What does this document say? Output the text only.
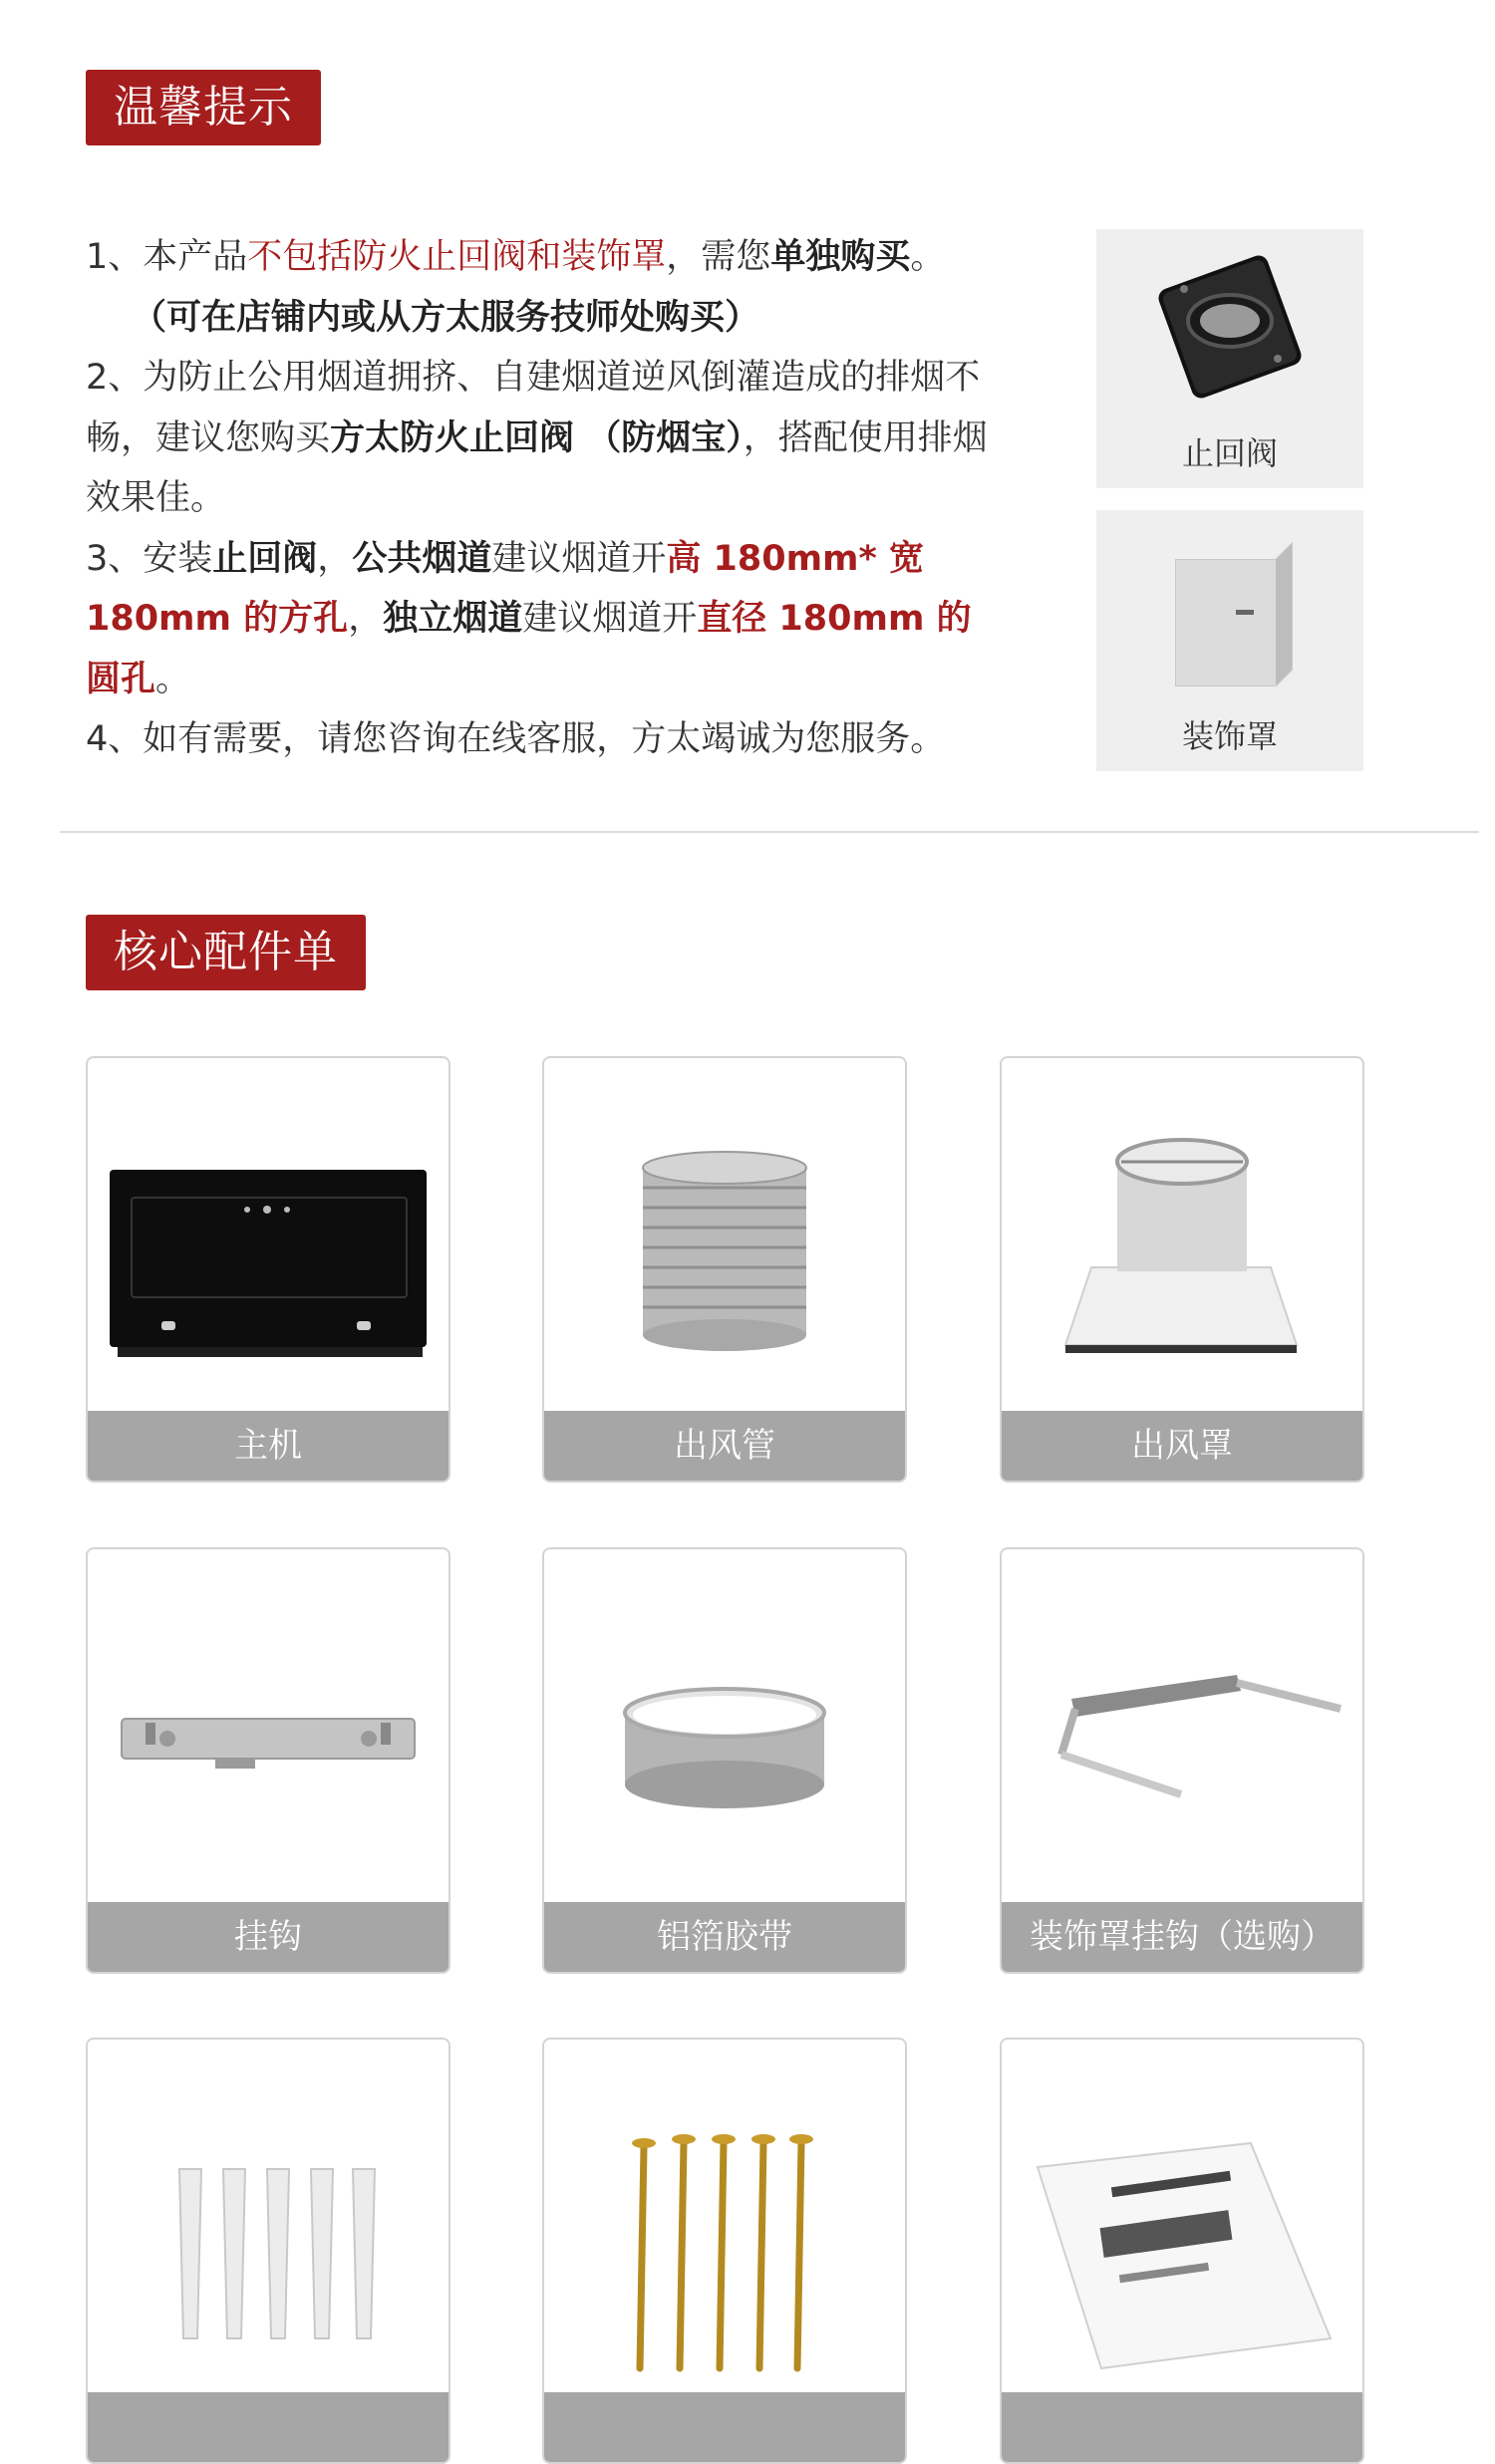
温馨提示

1、本产品不包括防火止回阀和装饰罩，需您单独购买。

（可在店铺内或从方太服务技师处购买）

2、为防止公用烟道拥挤、自建烟道逆风倒灌造成的排烟不畅，建议您购买方太防火止回阀 （防烟宝），搭配使用排烟效果佳。

3、安装止回阀，公共烟道建议烟道开高 180mm* 宽 180mm 的方孔，独立烟道建议烟道开直径 180mm 的圆孔。

4、如有需要，请您咨询在线客服，方太竭诚为您服务。

止回阀
装饰罩
核心配件单
主机	出风管	出风罩
挂钩	铝箔胶带	装饰罩挂钩（选购）
